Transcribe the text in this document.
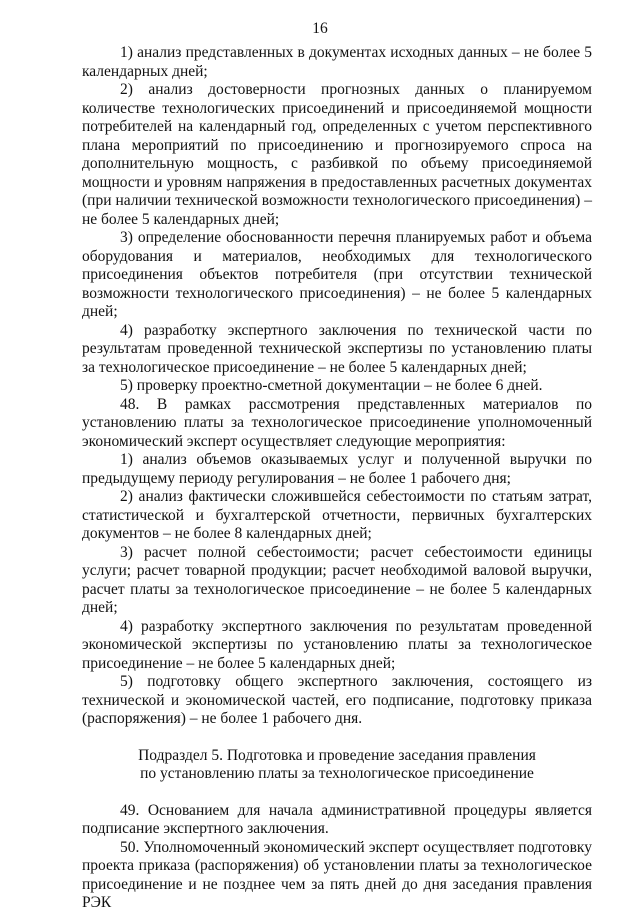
16

1) анализ представленных в документах исходных данных – не более 5 календарных дней;

2) анализ достоверности прогнозных данных о планируемом количестве технологических присоединений и присоединяемой мощности потребителей на календарный год, определенных с учетом перспективного плана мероприятий по присоединению и прогнозируемого спроса на дополнительную мощность, с разбивкой по объему присоединяемой мощности и уровням напряжения в предоставленных расчетных документах (при наличии технической возможности технологического присоединения) – не более 5 календарных дней;

3) определение обоснованности перечня планируемых работ и объема оборудования и материалов, необходимых для технологического присоединения объектов потребителя (при отсутствии технической возможности технологического присоединения) – не более 5 календарных дней;

4) разработку экспертного заключения по технической части по результатам проведенной технической экспертизы по установлению платы за технологическое присоединение – не более 5 календарных дней;

5) проверку проектно-сметной документации – не более 6 дней.

48. В рамках рассмотрения представленных материалов по установлению платы за технологическое присоединение уполномоченный экономический эксперт осуществляет следующие мероприятия:

1) анализ объемов оказываемых услуг и полученной выручки по предыдущему периоду регулирования – не более 1 рабочего дня;

2) анализ фактически сложившейся себестоимости по статьям затрат, статистической и бухгалтерской отчетности, первичных бухгалтерских документов – не более 8 календарных дней;

3) расчет полной себестоимости; расчет себестоимости единицы услуги; расчет товарной продукции; расчет необходимой валовой выручки, расчет платы за технологическое присоединение – не более 5 календарных дней;

4) разработку экспертного заключения по результатам проведенной экономической экспертизы по установлению платы за технологическое присоединение – не более 5 календарных дней;

5) подготовку общего экспертного заключения, состоящего из технической и экономической частей, его подписание, подготовку приказа (распоряжения) – не более 1 рабочего дня.

Подраздел 5. Подготовка и проведение заседания правления
по установлению платы за технологическое присоединение

49. Основанием для начала административной процедуры является подписание экспертного заключения.

50. Уполномоченный экономический эксперт осуществляет подготовку проекта приказа (распоряжения) об установлении платы за технологическое присоединение и не позднее чем за пять дней до дня заседания правления РЭК
